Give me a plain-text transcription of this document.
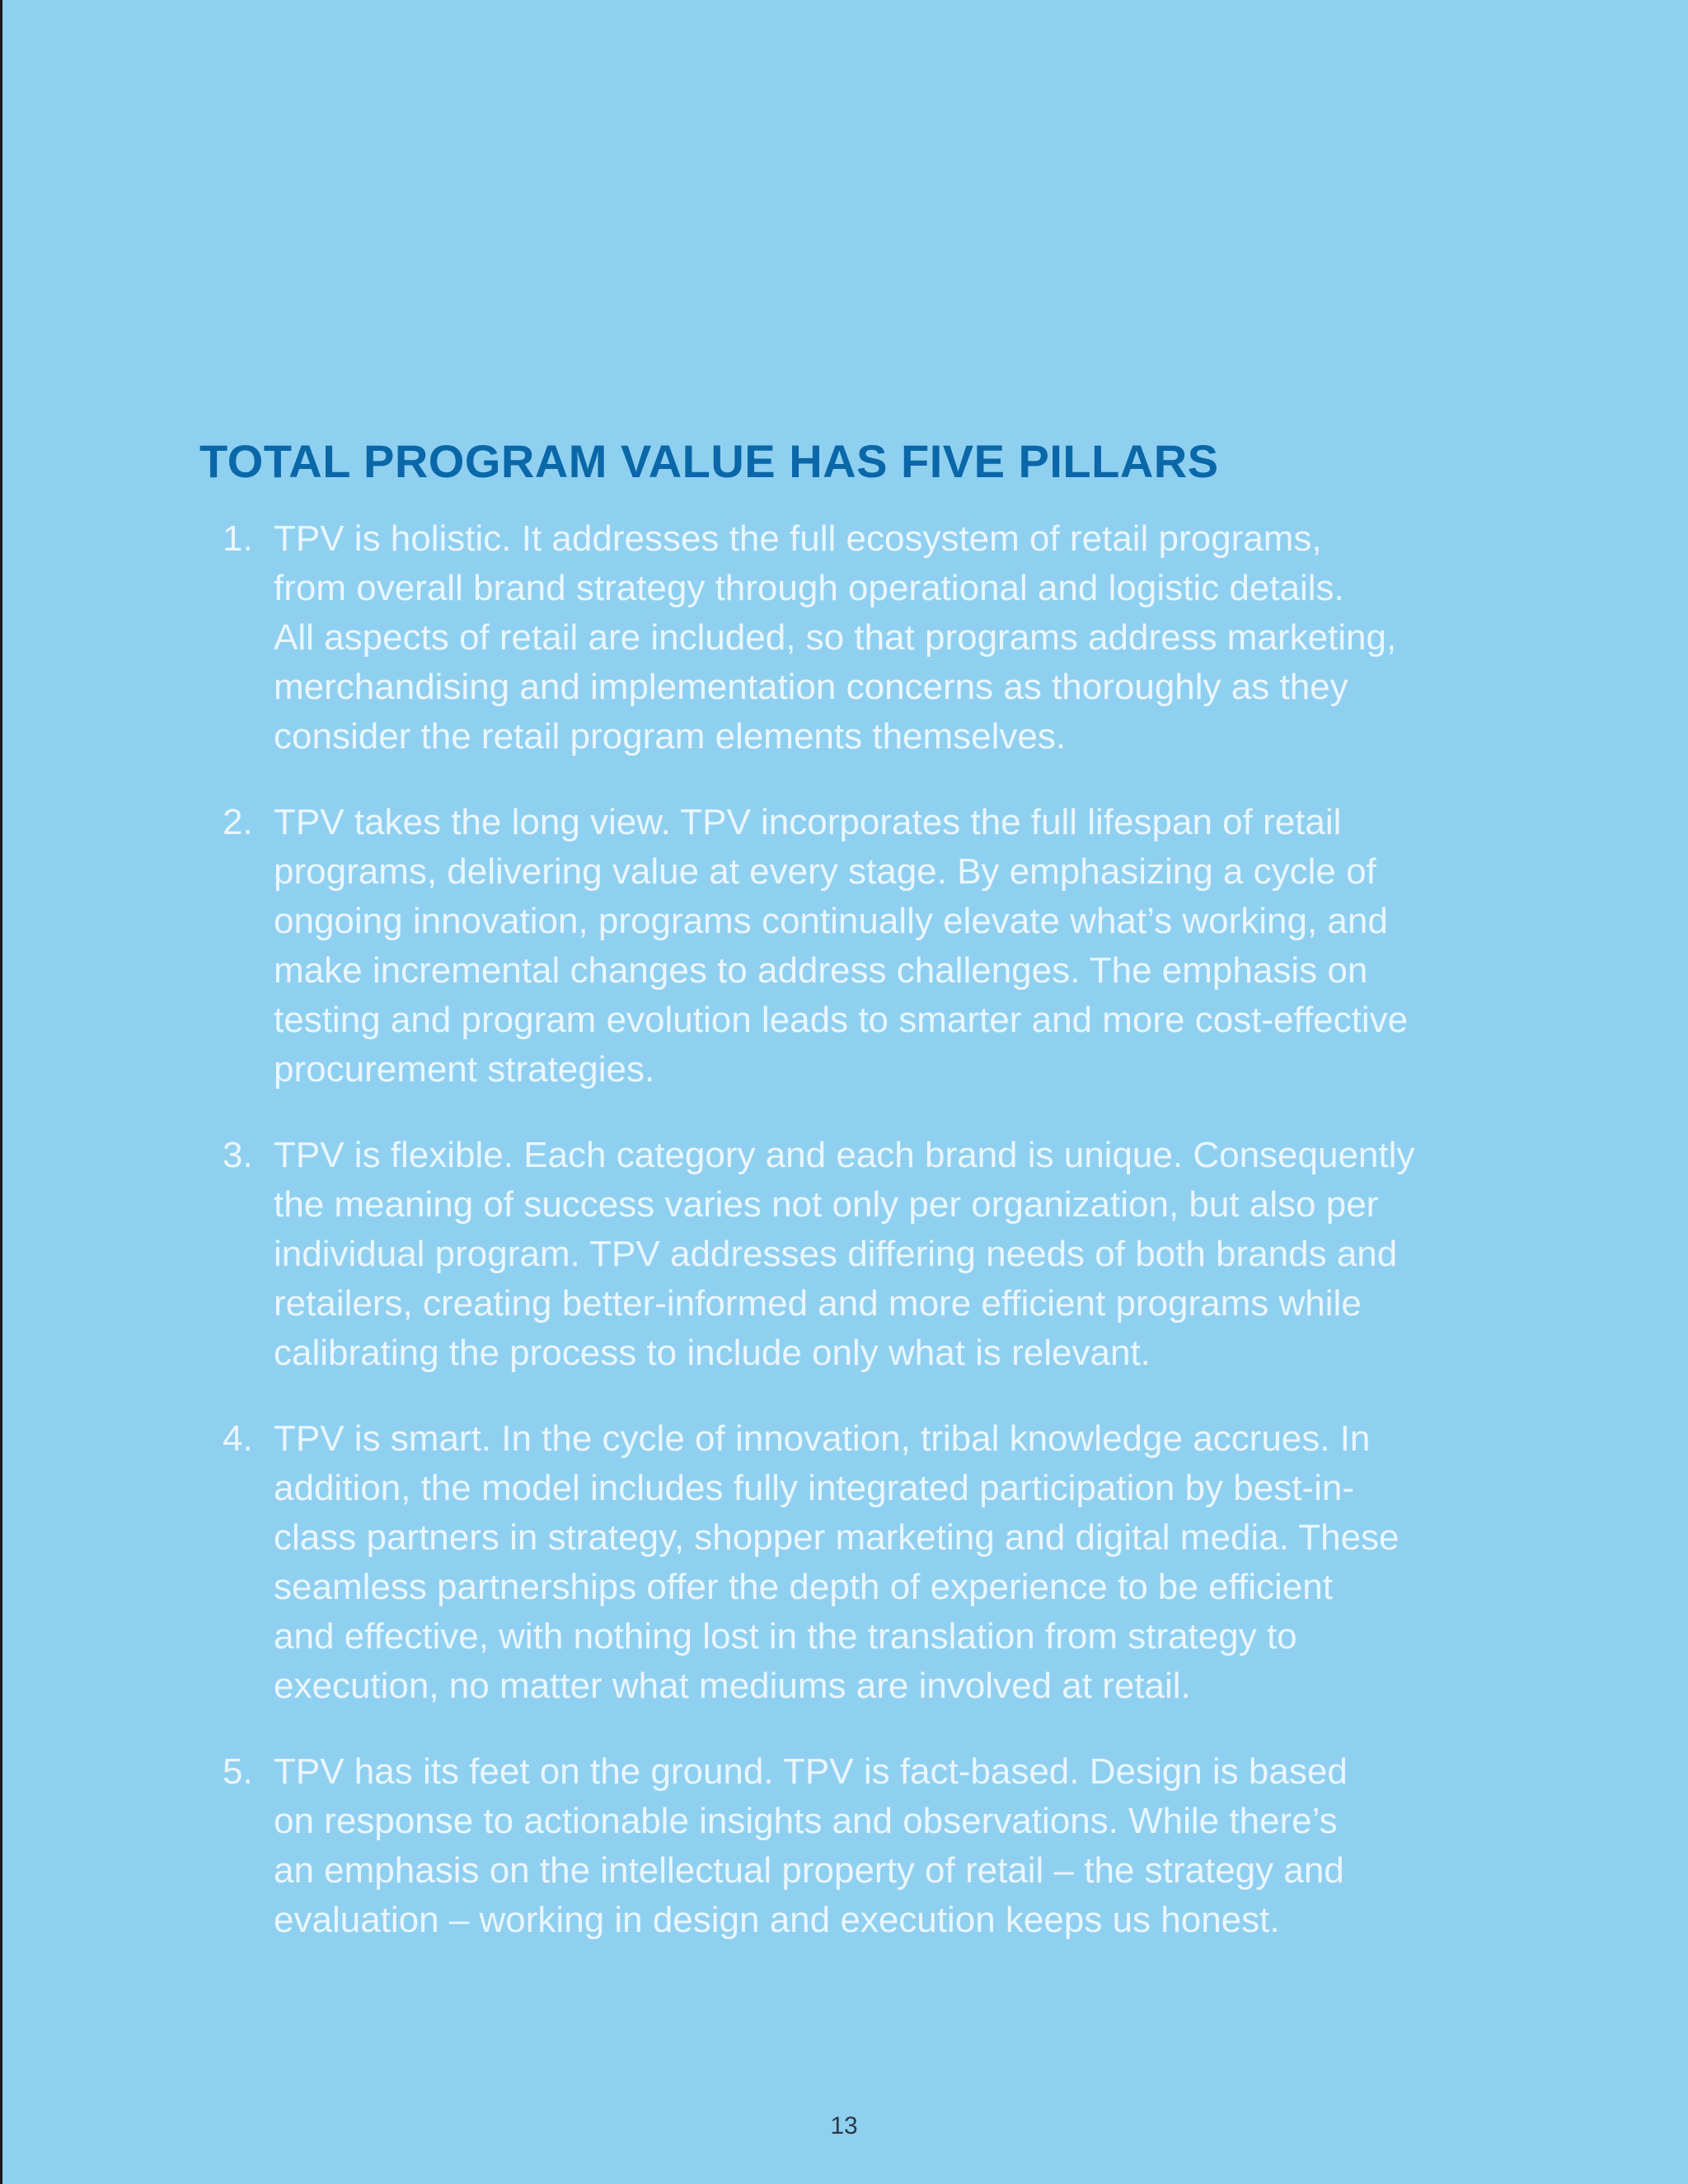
TOTAL PROGRAM VALUE HAS FIVE PILLARS
1. TPV is holistic. It addresses the full ecosystem of retail programs,
from overall brand strategy through operational and logistic details.
All aspects of retail are included, so that programs address marketing,
merchandising and implementation concerns as thoroughly as they
consider the retail program elements themselves.
2. TPV takes the long view. TPV incorporates the full lifespan of retail
programs, delivering value at every stage. By emphasizing a cycle of
ongoing innovation, programs continually elevate what’s working, and
make incremental changes to address challenges. The emphasis on
testing and program evolution leads to smarter and more cost-effective
procurement strategies.
3. TPV is flexible. Each category and each brand is unique. Consequently
the meaning of success varies not only per organization, but also per
individual program. TPV addresses differing needs of both brands and
retailers, creating better-informed and more efficient programs while
calibrating the process to include only what is relevant.
4. TPV is smart. In the cycle of innovation, tribal knowledge accrues. In
addition, the model includes fully integrated participation by best-in-
class partners in strategy, shopper marketing and digital media. These
seamless partnerships offer the depth of experience to be efficient
and effective, with nothing lost in the translation from strategy to
execution, no matter what mediums are involved at retail.
5. TPV has its feet on the ground. TPV is fact-based. Design is based
on response to actionable insights and observations. While there’s
an emphasis on the intellectual property of retail – the strategy and
evaluation – working in design and execution keeps us honest.
13
